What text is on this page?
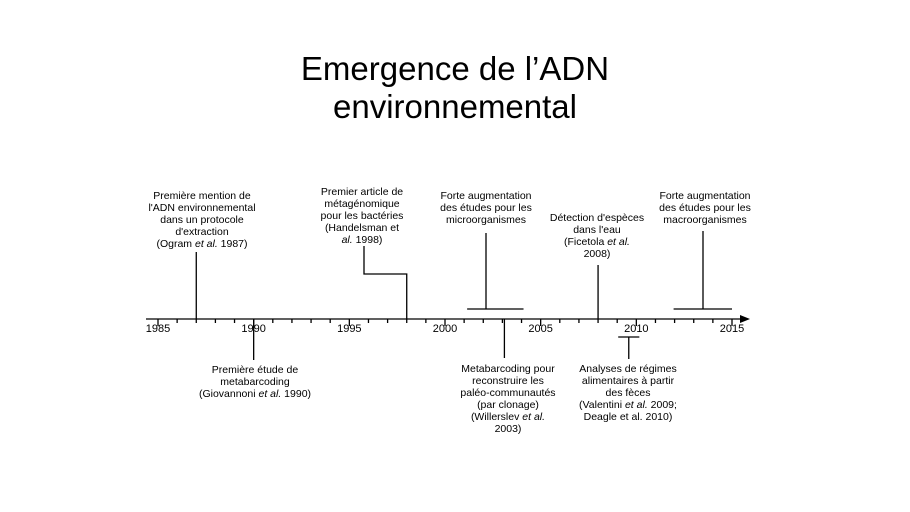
Emergence de l’ADN
environnemental
1985	1990	1995	2000	2005	2010	2015
Première mention de
l'ADN environnemental
dans un protocole
d'extraction
(Ogram et al. 1987)
Première étude de
metabarcoding
(Giovannoni et al. 1990)
Premier article de
métagénomique
pour les bactéries
(Handelsman et
al. 1998)
Forte augmentation
des études pour les
microorganismes
Metabarcoding pour
reconstruire les
paléo-communautés
(par clonage)
(Willerslev et al.
2003)
Détection d'espèces
dans l'eau
(Ficetola et al.
2008)
Analyses de régimes
alimentaires à partir
des fèces
(Valentini et al. 2009;
Deagle et al. 2010)
Forte augmentation
des études pour les
macroorganismes
